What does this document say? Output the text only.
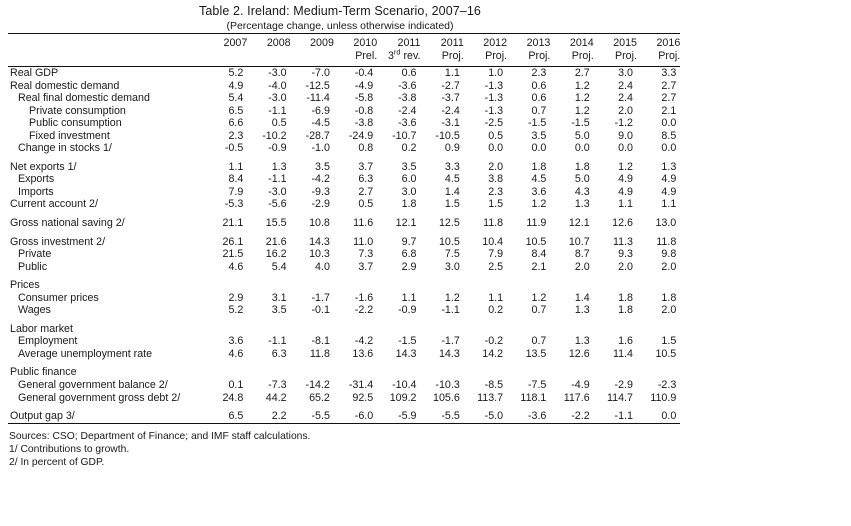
Table 2. Ireland: Medium-Term Scenario, 2007–16
(Percentage change, unless otherwise indicated)

	2007	2008	2009	2010	2011	2011	2012	2013	2014	2015	2016
				Prel.	3rd rev.	Proj.	Proj.	Proj.	Proj.	Proj.	Proj.

Real GDP	5.2	-3.0	-7.0	-0.4	0.6	1.1	1.0	2.3	2.7	3.0	3.3
Real domestic demand	4.9	-4.0	-12.5	-4.9	-3.6	-2.7	-1.3	0.6	1.2	2.4	2.7
Real final domestic demand	5.4	-3.0	-11.4	-5.8	-3.8	-3.7	-1.3	0.6	1.2	2.4	2.7
Private consumption	6.5	-1.1	-6.9	-0.8	-2.4	-2.4	-1.3	0.7	1.2	2.0	2.1
Public consumption	6.6	0.5	-4.5	-3.8	-3.6	-3.1	-2.5	-1.5	-1.5	-1.2	0.0
Fixed investment	2.3	-10.2	-28.7	-24.9	-10.7	-10.5	0.5	3.5	5.0	9.0	8.5
Change in stocks 1/	-0.5	-0.9	-1.0	0.8	0.2	0.9	0.0	0.0	0.0	0.0	0.0

Net exports 1/	1.1	1.3	3.5	3.7	3.5	3.3	2.0	1.8	1.8	1.2	1.3
Exports	8.4	-1.1	-4.2	6.3	6.0	4.5	3.8	4.5	5.0	4.9	4.9
Imports	7.9	-3.0	-9.3	2.7	3.0	1.4	2.3	3.6	4.3	4.9	4.9
Current account 2/	-5.3	-5.6	-2.9	0.5	1.8	1.5	1.5	1.2	1.3	1.1	1.1

Gross national saving 2/	21.1	15.5	10.8	11.6	12.1	12.5	11.8	11.9	12.1	12.6	13.0

Gross investment 2/	26.1	21.6	14.3	11.0	9.7	10.5	10.4	10.5	10.7	11.3	11.8
Private	21.5	16.2	10.3	7.3	6.8	7.5	7.9	8.4	8.7	9.3	9.8
Public	4.6	5.4	4.0	3.7	2.9	3.0	2.5	2.1	2.0	2.0	2.0

Prices											
Consumer prices	2.9	3.1	-1.7	-1.6	1.1	1.2	1.1	1.2	1.4	1.8	1.8
Wages	5.2	3.5	-0.1	-2.2	-0.9	-1.1	0.2	0.7	1.3	1.8	2.0

Labor market											
Employment	3.6	-1.1	-8.1	-4.2	-1.5	-1.7	-0.2	0.7	1.3	1.6	1.5
Average unemployment rate	4.6	6.3	11.8	13.6	14.3	14.3	14.2	13.5	12.6	11.4	10.5

Public finance											
General government balance 2/	0.1	-7.3	-14.2	-31.4	-10.4	-10.3	-8.5	-7.5	-4.9	-2.9	-2.3
General government gross debt 2/	24.8	44.2	65.2	92.5	109.2	105.6	113.7	118.1	117.6	114.7	110.9

Output gap 3/	6.5	2.2	-5.5	-6.0	-5.9	-5.5	-5.0	-3.6	-2.2	-1.1	0.0

Sources: CSO; Department of Finance; and IMF staff calculations.
1/ Contributions to growth.
2/ In percent of GDP.
